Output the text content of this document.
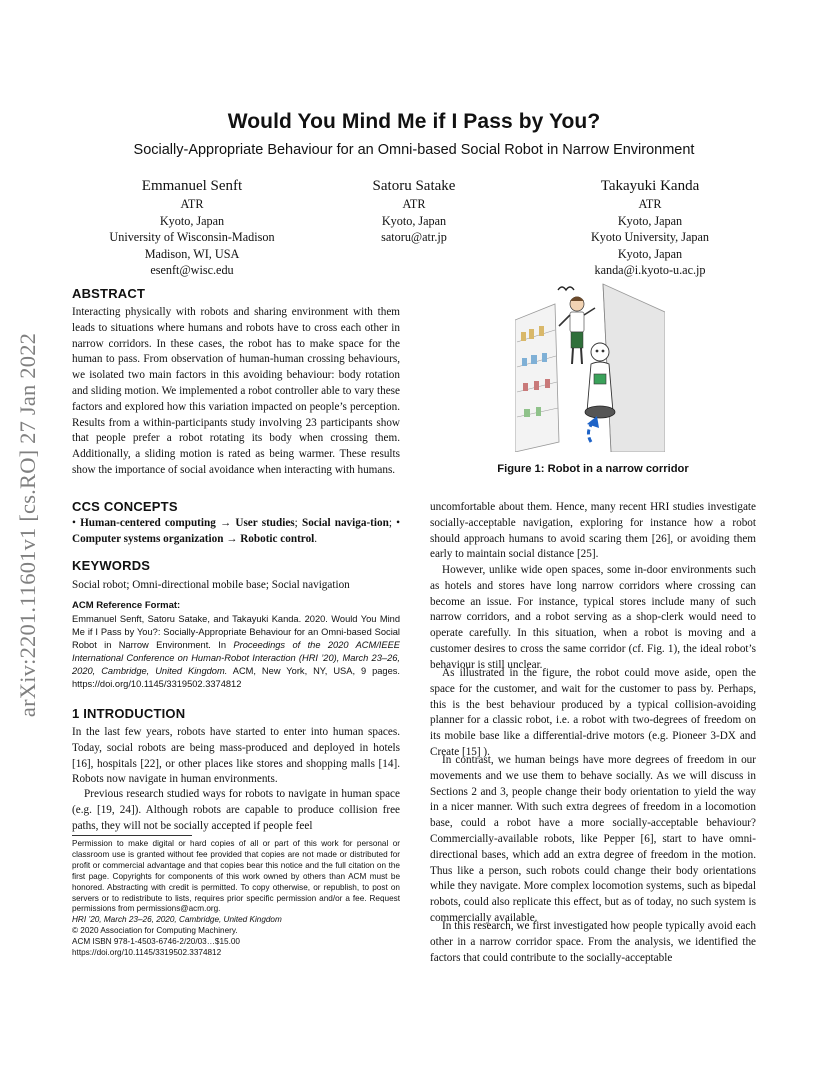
arXiv:2201.11601v1 [cs.RO] 27 Jan 2022
Would You Mind Me if I Pass by You?
Socially-Appropriate Behaviour for an Omni-based Social Robot in Narrow Environment
Emmanuel Senft
ATR
Kyoto, Japan
University of Wisconsin-Madison
Madison, WI, USA
esenft@wisc.edu
Satoru Satake
ATR
Kyoto, Japan
satoru@atr.jp
Takayuki Kanda
ATR
Kyoto, Japan
Kyoto University, Japan
Kyoto, Japan
kanda@i.kyoto-u.ac.jp
ABSTRACT
Interacting physically with robots and sharing environment with them leads to situations where humans and robots have to cross each other in narrow corridors. In these cases, the robot has to make space for the human to pass. From observation of human-human crossing behaviours, we isolated two main factors in this avoiding behaviour: body rotation and sliding motion. We implemented a robot controller able to vary these factors and explored how this variation impacted on people’s perception. Results from a within-participants study involving 23 participants show that people prefer a robot rotating its body when crossing them. Additionally, a sliding motion is rated as being warmer. These results show the importance of social avoidance when interacting with humans.
CCS CONCEPTS
• Human-centered computing → User studies; Social naviga-tion; • Computer systems organization → Robotic control.
KEYWORDS
Social robot; Omni-directional mobile base; Social navigation
ACM Reference Format:
Emmanuel Senft, Satoru Satake, and Takayuki Kanda. 2020. Would You Mind Me if I Pass by You?: Socially-Appropriate Behaviour for an Omni-based Social Robot in Narrow Environment. In Proceedings of the 2020 ACM/IEEE International Conference on Human-Robot Interaction (HRI ’20), March 23–26, 2020, Cambridge, United Kingdom. ACM, New York, NY, USA, 9 pages. https://doi.org/10.1145/3319502.3374812
1 INTRODUCTION
In the last few years, robots have started to enter into human spaces. Today, social robots are being mass-produced and deployed in hotels [16], hospitals [22], or other places like stores and shopping malls [14]. Robots now navigate in human environments.
Previous research studied ways for robots to navigate in human space (e.g. [19, 24]). Although robots are capable to produce collision free paths, they will not be socially accepted if people feel
Permission to make digital or hard copies of all or part of this work for personal or classroom use is granted without fee provided that copies are not made or distributed for profit or commercial advantage and that copies bear this notice and the full citation on the first page. Copyrights for components of this work owned by others than ACM must be honored. Abstracting with credit is permitted. To copy otherwise, or republish, to post on servers or to redistribute to lists, requires prior specific permission and/or a fee. Request permissions from permissions@acm.org.
HRI ’20, March 23–26, 2020, Cambridge, United Kingdom
© 2020 Association for Computing Machinery.
ACM ISBN 978-1-4503-6746-2/20/03…$15.00
https://doi.org/10.1145/3319502.3374812
Figure 1: Robot in a narrow corridor
uncomfortable about them. Hence, many recent HRI studies investigate socially-acceptable navigation, exploring for instance how a robot should approach humans to avoid scaring them [26], or avoiding them early to maintain social distance [25].
However, unlike wide open spaces, some in-door environments such as hotels and stores have long narrow corridors where crossing can become an issue. For instance, typical stores include many of such narrow corridors, and a robot serving as a shop-clerk would need to operate carefully. In this situation, when a robot is moving and a customer desires to cross the same corridor (cf. Fig. 1), the ideal robot’s behaviour is still unclear.
As illustrated in the figure, the robot could move aside, open the space for the customer, and wait for the customer to pass by. Perhaps, this is the best behaviour produced by a typical collision-avoiding planner for a classic robot, i.e. a robot with two-degrees of freedom on its mobile base like a differential-drive motors (e.g. Pioneer 3-DX and Create [15] ).
In contrast, we human beings have more degrees of freedom in our movements and we use them to behave socially. As we will discuss in Sections 2 and 3, people change their body orientation to yield the way in a nicer manner. With such extra degrees of freedom in a locomotion base, could a robot have a more socially-acceptable behaviour? Commercially-available robots, like Pepper [6], start to have omni-directional bases, which add an extra degree of freedom in the motion. Thus like a person, such robots could change their body orientations while they navigate. More complex locomotion systems, such as bipedal robots, could also replicate this effect, but as of today, no such system is commercially available.
In this research, we first investigated how people typically avoid each other in a narrow corridor space. From the analysis, we identified the factors that could contribute to the socially-acceptable
